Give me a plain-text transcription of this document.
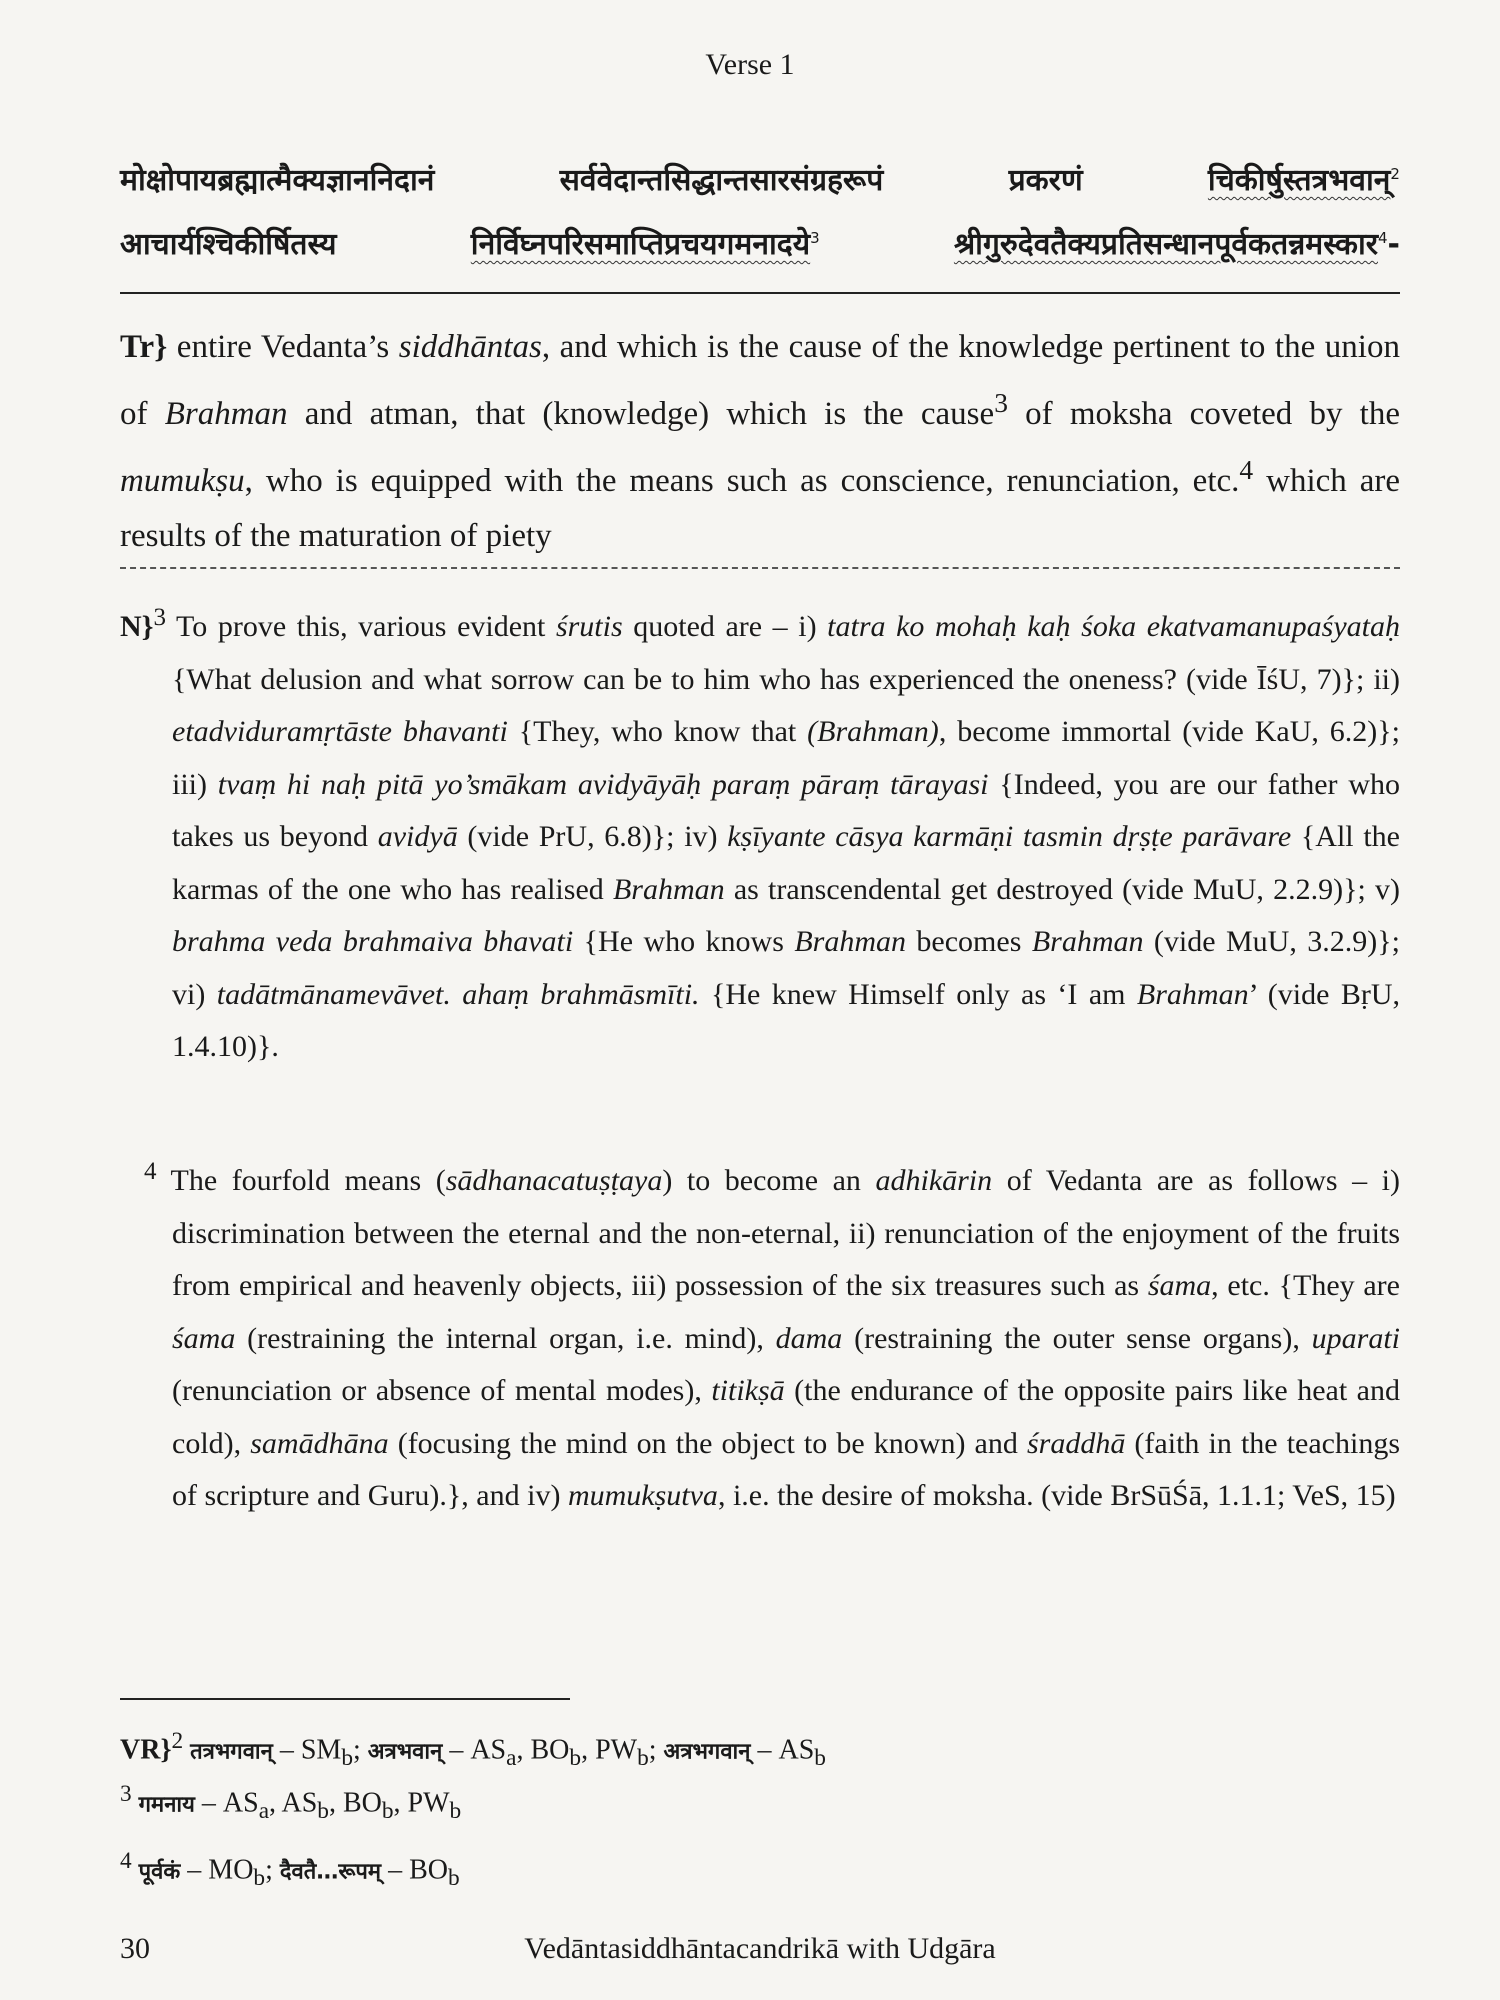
Verse 1
मोक्षोपायब्रह्मात्मैक्यज्ञाननिदानं	सर्ववेदान्तसिद्धान्तसारसंग्रहरूपं	प्रकरणं	चिकीर्षुस्तत्रभवान्$^2$
आचार्यश्चिकीर्षितस्य	निर्विघ्नपरिसमाप्तिप्रचयगमनादये$^3$	श्रीगुरुदेवतैक्यप्रतिसन्धानपूर्वकतन्नमस्कार$^4$-
Tr} entire Vedanta’s siddhāntas, and which is the cause of the knowledge pertinent to the union of Brahman and atman, that (knowledge) which is the cause$^3$ of moksha coveted by the mumukṣu, who is equipped with the means such as conscience, renunciation, etc.$^4$ which are results of the maturation of piety
N}$^3$ To prove this, various evident śrutis quoted are – i) tatra ko mohaḥ kaḥ śoka ekatvamanupaśyataḥ {What delusion and what sorrow can be to him who has experienced the oneness? (vide ĪśU, 7)}; ii) etadviduramṛtāste bhavanti {They, who know that (Brahman), become immortal (vide KaU, 6.2)}; iii) tvaṃ hi naḥ pitā yo’smākam avidyāyāḥ paraṃ pāraṃ tārayasi {Indeed, you are our father who takes us beyond avidyā (vide PrU, 6.8)}; iv) kṣīyante cāsya karmāṇi tasmin dṛṣṭe parāvare {All the karmas of the one who has realised Brahman as transcendental get destroyed (vide MuU, 2.2.9)}; v) brahma veda brahmaiva bhavati {He who knows Brahman becomes Brahman (vide MuU, 3.2.9)}; vi) tadātmānamevāvet. ahaṃ brahmāsmīti. {He knew Himself only as ‘I am Brahman’ (vide BṛU, 1.4.10)}.
$^4$ The fourfold means (sādhanacatuṣṭaya) to become an adhikārin of Vedanta are as follows – i) discrimination between the eternal and the non-eternal, ii) renunciation of the enjoyment of the fruits from empirical and heavenly objects, iii) possession of the six treasures such as śama, etc. {They are śama (restraining the internal organ, i.e. mind), dama (restraining the outer sense organs), uparati (renunciation or absence of mental modes), titikṣā (the endurance of the opposite pairs like heat and cold), samādhāna (focusing the mind on the object to be known) and śraddhā (faith in the teachings of scripture and Guru).}, and iv) mumukṣutva, i.e. the desire of moksha. (vide BrSūŚā, 1.1.1; VeS, 15)
VR}$^2$ तत्रभगवान् – $SM_b$; अत्रभवान् – $AS_a$, $BO_b$, $PW_b$; अत्रभगवान् – $AS_b$
$^3$ गमनाय – $AS_a$, $AS_b$, $BO_b$, $PW_b$
$^4$ पूर्वकं – $MO_b$; दैवतै…रूपम् – $BO_b$
30	Vedāntasiddhāntacandrikā with Udgāra
